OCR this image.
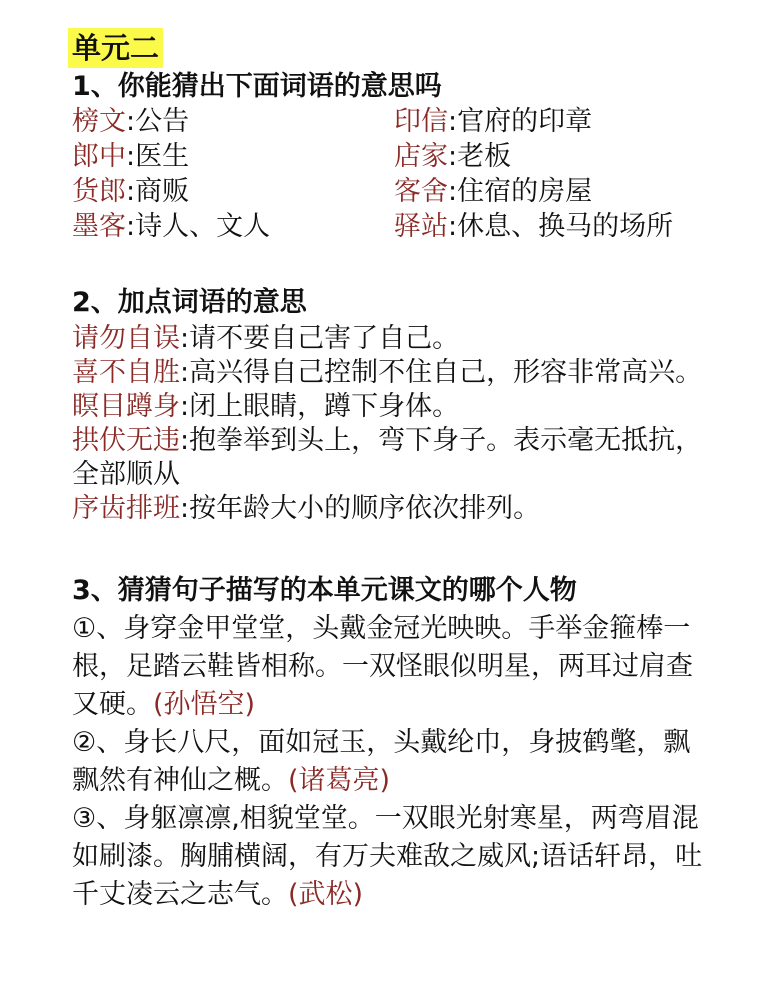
单元二
1、你能猜出下面词语的意思吗
榜文:公告	印信:官府的印章
郎中:医生	店家:老板
货郎:商贩	客舍:住宿的房屋
墨客:诗人、文人	驿站:休息、换马的场所
2、加点词语的意思

请勿自误:请不要自己害了自己。

喜不自胜:高兴得自己控制不住自己，形容非常高兴。

瞑目蹲身:闭上眼睛，蹲下身体。

拱伏无违:抱拳举到头上，弯下身子。表示毫无抵抗，全部顺从

序齿排班:按年龄大小的顺序依次排列。

3、猜猜句子描写的本单元课文的哪个人物

①、身穿金甲堂堂，头戴金冠光映映。手举金箍棒一根，足踏云鞋皆相称。一双怪眼似明星，两耳过肩查又硬。(孙悟空)

②、身长八尺，面如冠玉，头戴纶巾，身披鹤氅，飘飘然有神仙之概。(诸葛亮)

③、身躯凛凛,相貌堂堂。一双眼光射寒星，两弯眉混如刷漆。胸脯横阔，有万夫难敌之威风;语话轩昂，吐千丈凌云之志气。(武松)
